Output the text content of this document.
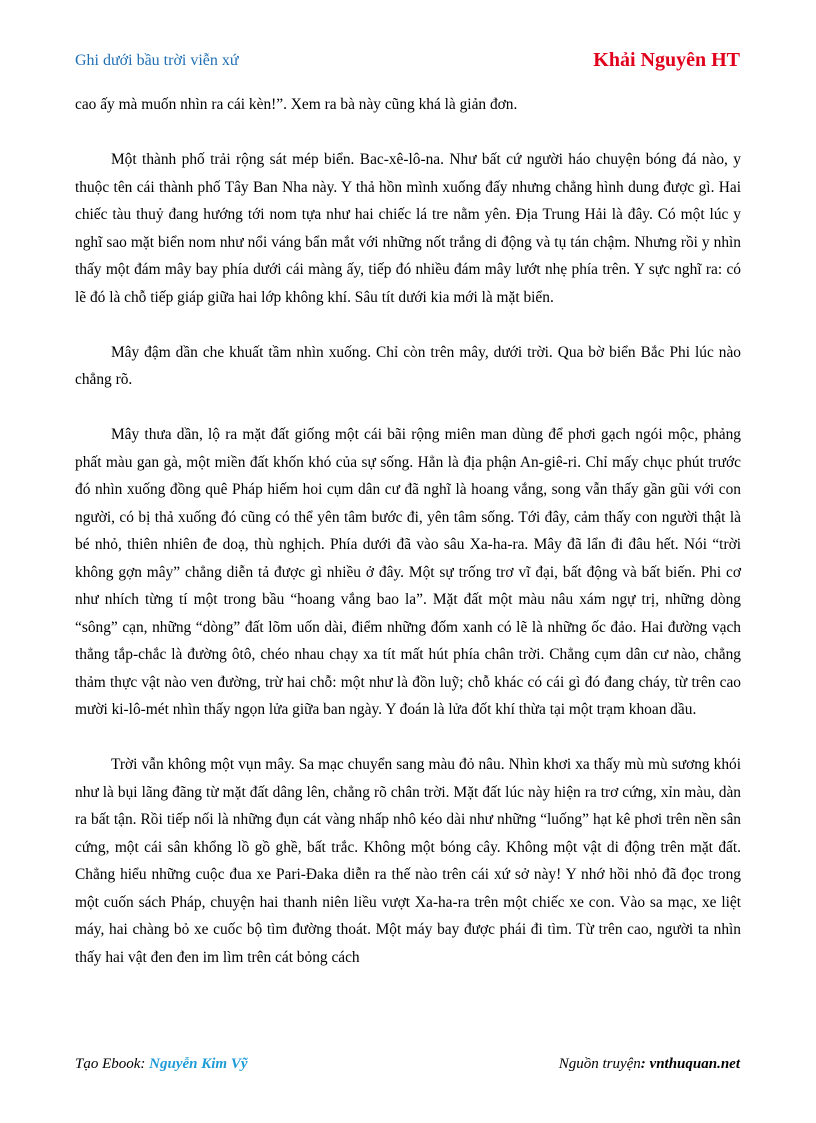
Ghi dưới bầu trời viễn xứ	Khải Nguyên HT

cao ấy mà muốn nhìn ra cái kèn!”. Xem ra bà này cũng khá là giản đơn.

Một thành phố trải rộng sát mép biển. Bac-xê-lô-na. Như bất cứ người háo chuyện bóng đá nào, y thuộc tên cái thành phố Tây Ban Nha này. Y thả hồn mình xuống đấy nhưng chẳng hình dung được gì. Hai chiếc tàu thuỷ đang hướng tới nom tựa như hai chiếc lá tre nằm yên. Địa Trung Hải là đây. Có một lúc y nghĩ sao mặt biển nom như nổi váng bẩn mắt với những nốt trắng di động và tụ tán chậm. Nhưng rồi y nhìn thấy một đám mây bay phía dưới cái màng ấy, tiếp đó nhiều đám mây lướt nhẹ phía trên. Y sực nghĩ ra: có lẽ đó là chỗ tiếp giáp giữa hai lớp không khí. Sâu tít dưới kia mới là mặt biển.

Mây đậm dần che khuất tầm nhìn xuống. Chỉ còn trên mây, dưới trời. Qua bờ biển Bắc Phi lúc nào chẳng rõ.

Mây thưa dần, lộ ra mặt đất giống một cái bãi rộng miên man dùng để phơi gạch ngói mộc, phảng phất màu gan gà, một miền đất khốn khó của sự sống. Hẳn là địa phận An-giê-ri. Chỉ mấy chục phút trước đó nhìn xuống đồng quê Pháp hiếm hoi cụm dân cư đã nghĩ là hoang vắng, song vẫn thấy gần gũi với con người, có bị thả xuống đó cũng có thể yên tâm bước đi, yên tâm sống. Tới đây, cảm thấy con người thật là bé nhỏ, thiên nhiên đe doạ, thù nghịch. Phía dưới đã vào sâu Xa-ha-ra. Mây đã lẩn đi đâu hết. Nói “trời không gợn mây” chẳng diễn tả được gì nhiều ở đây. Một sự trống trơ vĩ đại, bất động và bất biến. Phi cơ như nhích từng tí một trong bầu “hoang vắng bao la”. Mặt đất một màu nâu xám ngự trị, những dòng “sông” cạn, những “dòng” đất lõm uốn dài, điểm những đốm xanh có lẽ là những ốc đảo. Hai đường vạch thẳng tắp-chắc là đường ôtô, chéo nhau chạy xa tít mất hút phía chân trời. Chẳng cụm dân cư nào, chẳng thảm thực vật nào ven đường, trừ hai chỗ: một như là đồn luỹ; chỗ khác có cái gì đó đang cháy, từ trên cao mười ki-lô-mét nhìn thấy ngọn lửa giữa ban ngày. Y đoán là lửa đốt khí thừa tại một trạm khoan dầu.

Trời vẫn không một vụn mây. Sa mạc chuyển sang màu đỏ nâu. Nhìn khơi xa thấy mù mù sương khói như là bụi lãng đãng từ mặt đất dâng lên, chẳng rõ chân trời. Mặt đất lúc này hiện ra trơ cứng, xỉn màu, dàn ra bất tận. Rồi tiếp nối là những đụn cát vàng nhấp nhô kéo dài như những “luống” hạt kê phơi trên nền sân cứng, một cái sân khổng lồ gồ ghề, bất trắc. Không một bóng cây. Không một vật di động trên mặt đất. Chẳng hiểu những cuộc đua xe Pari-Đaka diễn ra thế nào trên cái xứ sở này! Y nhớ hồi nhỏ đã đọc trong một cuốn sách Pháp, chuyện hai thanh niên liều vượt Xa-ha-ra trên một chiếc xe con. Vào sa mạc, xe liệt máy, hai chàng bỏ xe cuốc bộ tìm đường thoát. Một máy bay được phái đi tìm. Từ trên cao, người ta nhìn thấy hai vật đen đen im lìm trên cát bỏng cách

Tạo Ebook: Nguyễn Kim Vỹ	Nguồn truyện: vnthuquan.net
